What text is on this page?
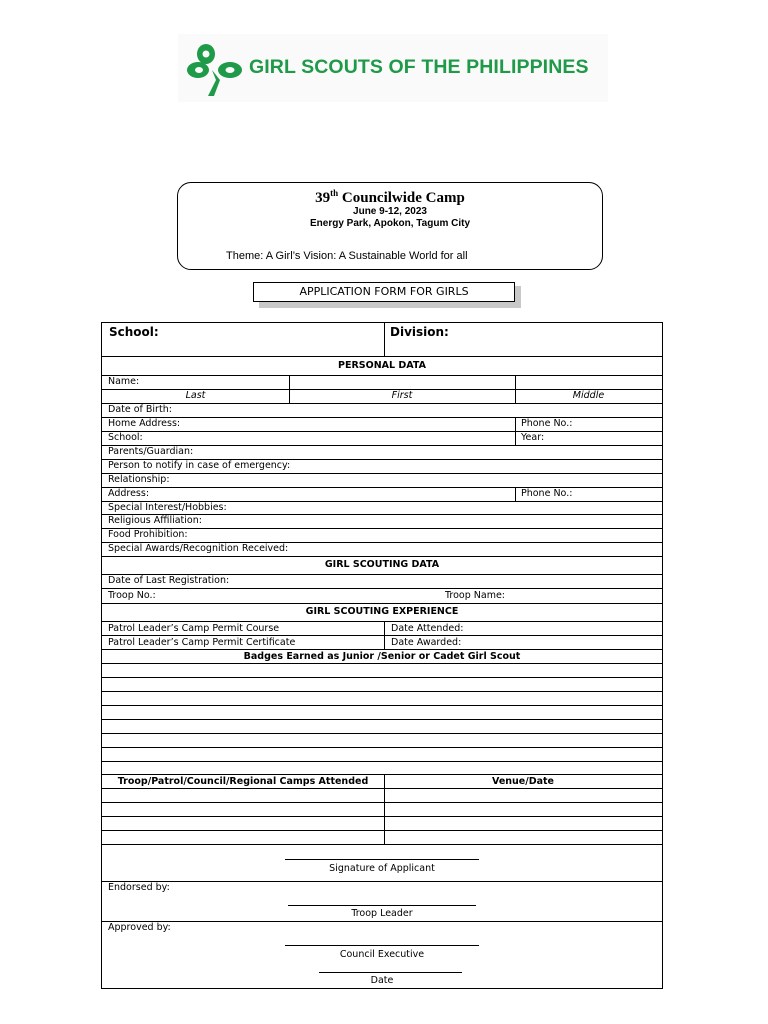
GIRL SCOUTS OF THE PHILIPPINES
39th Councilwide Camp
June 9-12, 2023
Energy Park, Apokon, Tagum City
Theme: A Girl’s Vision: A Sustainable World for all
APPLICATION FORM FOR GIRLS
School:	Division:
PERSONAL DATA
Name:
Last	First	Middle
Date of Birth:
Home Address:	Phone No.:
School:	Year:
Parents/Guardian:
Person to notify in case of emergency:
Relationship:
Address:	Phone No.:
Special Interest/Hobbies:
Religious Affiliation:
Food Prohibition:
Special Awards/Recognition Received:
GIRL SCOUTING DATA
Date of Last Registration:
Troop No.:	Troop Name:
GIRL SCOUTING EXPERIENCE
Patrol Leader’s Camp Permit Course	Date Attended:
Patrol Leader’s Camp Permit Certificate	Date Awarded:
Badges Earned as Junior /Senior or Cadet Girl Scout
Troop/Patrol/Council/Regional Camps Attended	Venue/Date
Signature of Applicant
Endorsed by:
Troop Leader
Approved by:
Council Executive
Date
